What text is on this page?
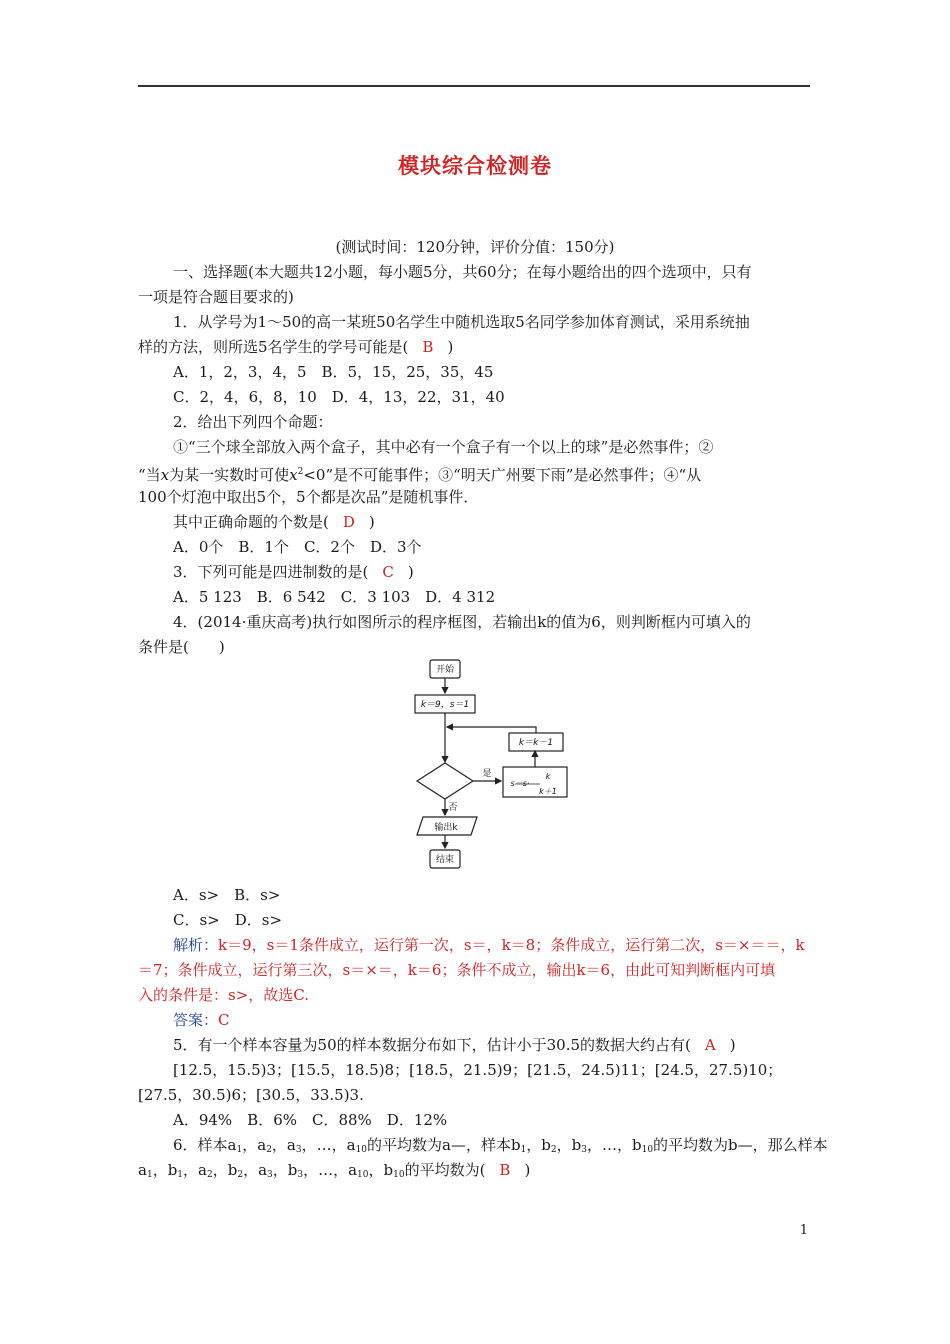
模块综合检测卷
(测试时间：120分钟，评价分值：150分)
一、选择题(本大题共12小题，每小题5分，共60分；在每小题给出的四个选项中，只有
一项是符合题目要求的)
1．从学号为1～50的高一某班50名学生中随机选取5名同学参加体育测试，采用系统抽
样的方法，则所选5名学生的学号可能是( B )
A．1，2，3，4，5　B．5，15，25，35，45
C．2，4，6，8，10　D．4，13，22，31，40
2．给出下列四个命题：
①“三个球全部放入两个盒子，其中必有一个盒子有一个以上的球”是必然事件；②
“当x为某一实数时可使$x^2<0$”是不可能事件；③“明天广州要下雨”是必然事件；④“从
100个灯泡中取出5个，5个都是次品”是随机事件．
其中正确命题的个数是( D )
A．0个　B．1个　C．2个　D．3个
3．下列可能是四进制数的是( C )
A．5 123　B．6 542　C．3 103　D．4 312
4．(2014·重庆高考)执行如图所示的程序框图，若输出k的值为6，则判断框内可填入的
条件是(　　)
开始
k＝9，s＝1
k＝k－1
是
否
s＝s·
k
k＋1
输出k
结束
A．s>　B．s>
C．s>　D．s>
解析：k＝9，s＝1条件成立，运行第一次，s＝，k＝8；条件成立，运行第二次，s＝×＝＝，k
＝7；条件成立，运行第三次，s＝×＝，k＝6；条件不成立，输出k＝6，由此可知判断框内可填
入的条件是：s>，故选C.
答案：C
5．有一个样本容量为50的样本数据分布如下，估计小于30.5的数据大约占有( A )
[12.5，15.5)3；[15.5，18.5)8；[18.5，21.5)9；[21.5，24.5)11；[24.5，27.5)10；
[27.5，30.5)6；[30.5，33.5)3.
A．94%　B．6%　C．88%　D．12%
6．样本$a_1$，$a_2$，$a_3$，…，$a_{10}$的平均数为a—，样本$b_1$，$b_2$，$b_3$，…，$b_{10}$的平均数为b—，那么样本
$a_1$，$b_1$，$a_2$，$b_2$，$a_3$，$b_3$，…，$a_{10}$，$b_{10}$的平均数为( B )
1
